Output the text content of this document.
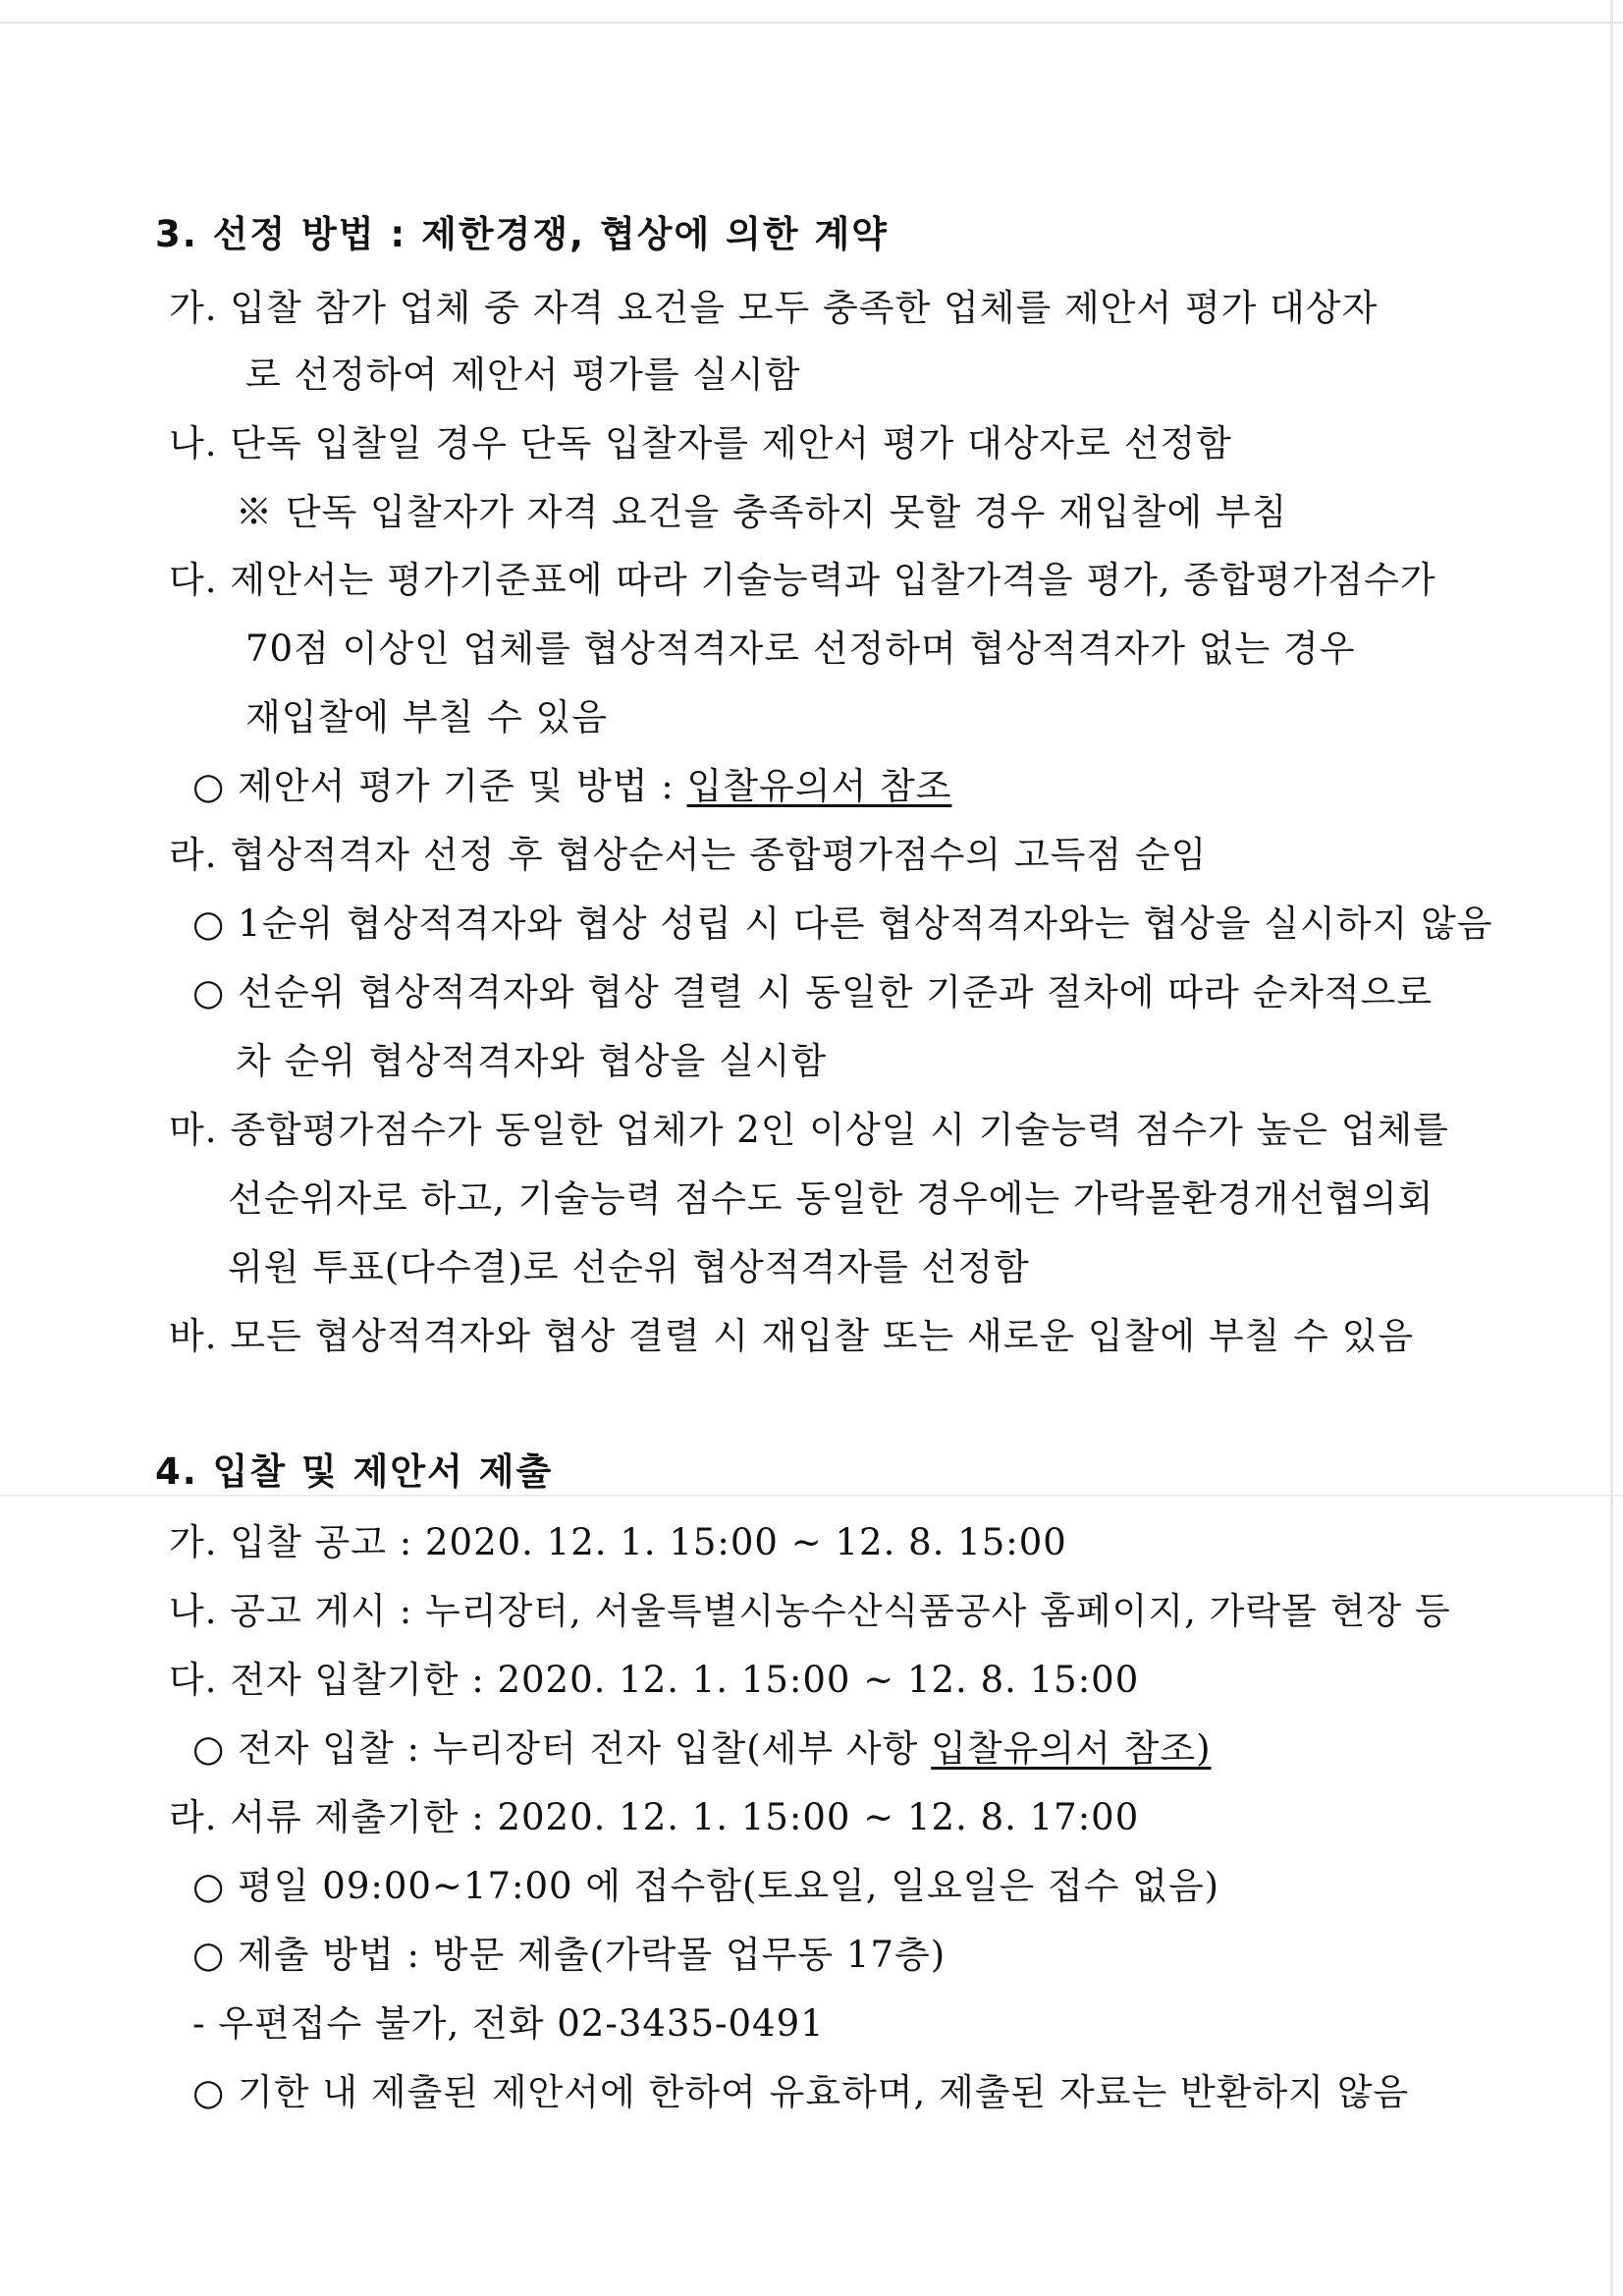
3. 선정 방법 : 제한경쟁, 협상에 의한 계약
가. 입찰 참가 업체 중 자격 요건을 모두 충족한 업체를 제안서 평가 대상자
로 선정하여 제안서 평가를 실시함
나. 단독 입찰일 경우 단독 입찰자를 제안서 평가 대상자로 선정함
※ 단독 입찰자가 자격 요건을 충족하지 못할 경우 재입찰에 부침
다. 제안서는 평가기준표에 따라 기술능력과 입찰가격을 평가, 종합평가점수가
70점 이상인 업체를 협상적격자로 선정하며 협상적격자가 없는 경우
재입찰에 부칠 수 있음
○ 제안서 평가 기준 및 방법 : 입찰유의서 참조
라. 협상적격자 선정 후 협상순서는 종합평가점수의 고득점 순임
○ 1순위 협상적격자와 협상 성립 시 다른 협상적격자와는 협상을 실시하지 않음
○ 선순위 협상적격자와 협상 결렬 시 동일한 기준과 절차에 따라 순차적으로
차 순위 협상적격자와 협상을 실시함
마. 종합평가점수가 동일한 업체가 2인 이상일 시 기술능력 점수가 높은 업체를
선순위자로 하고, 기술능력 점수도 동일한 경우에는 가락몰환경개선협의회
위원 투표(다수결)로 선순위 협상적격자를 선정함
바. 모든 협상적격자와 협상 결렬 시 재입찰 또는 새로운 입찰에 부칠 수 있음
4. 입찰 및 제안서 제출
가. 입찰 공고 : 2020. 12. 1. 15:00 ~ 12. 8. 15:00
나. 공고 게시 : 누리장터, 서울특별시농수산식품공사 홈페이지, 가락몰 현장 등
다. 전자 입찰기한 : 2020. 12. 1. 15:00 ~ 12. 8. 15:00
○ 전자 입찰 : 누리장터 전자 입찰(세부 사항 입찰유의서 참조)
라. 서류 제출기한 : 2020. 12. 1. 15:00 ~ 12. 8. 17:00
○ 평일 09:00~17:00 에 접수함(토요일, 일요일은 접수 없음)
○ 제출 방법 : 방문 제출(가락몰 업무동 17층)
- 우편접수 불가, 전화 02-3435-0491
○ 기한 내 제출된 제안서에 한하여 유효하며, 제출된 자료는 반환하지 않음
